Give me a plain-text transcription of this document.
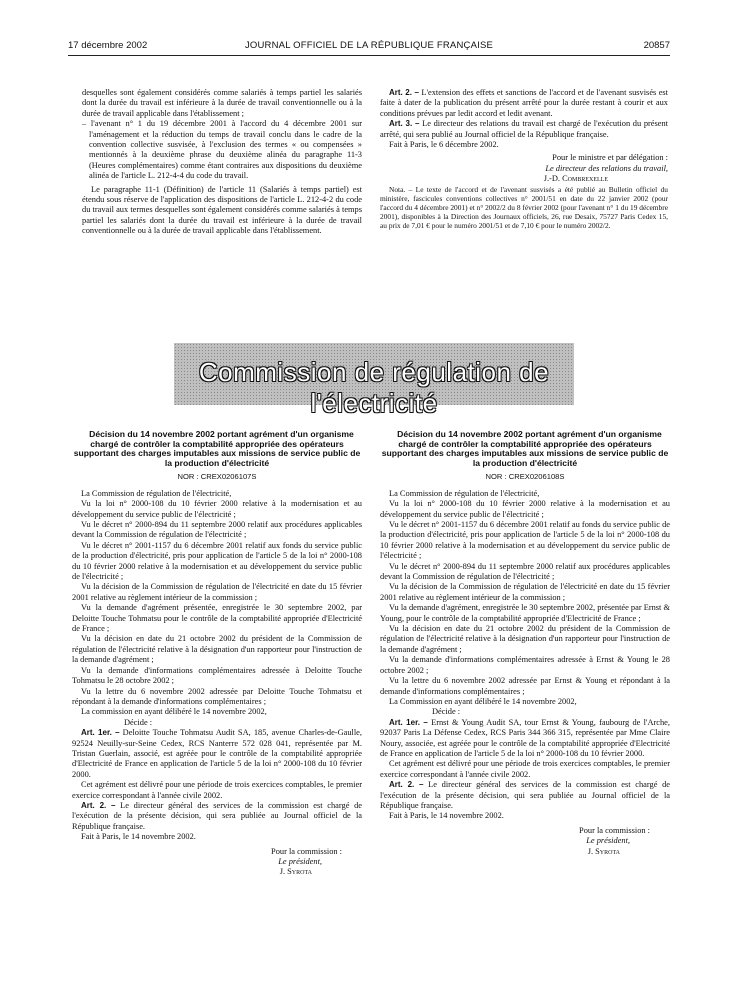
17 décembre 2002	JOURNAL OFFICIEL DE LA RÉPUBLIQUE FRANÇAISE	20857

desquelles sont également considérés comme salariés à temps partiel les salariés dont la durée du travail est inférieure à la durée de travail conventionnelle ou à la durée de travail applicable dans l'établissement ;

– l'avenant n° 1 du 19 décembre 2001 à l'accord du 4 décembre 2001 sur l'aménagement et la réduction du temps de travail conclu dans le cadre de la convention collective susvisée, à l'exclusion des termes « ou compensées » mentionnés à la deuxième phrase du deuxième alinéa du paragraphe 11-3 (Heures complémentaires) comme étant contraires aux dispositions du deuxième alinéa de l'article L. 212-4-4 du code du travail.

Le paragraphe 11-1 (Définition) de l'article 11 (Salariés à temps partiel) est étendu sous réserve de l'application des dispositions de l'article L. 212-4-2 du code du travail aux termes desquelles sont également considérés comme salariés à temps partiel les salariés dont la durée du travail est inférieure à la durée de travail conventionnelle ou à la durée de travail applicable dans l'établissement.

Art. 2. – L'extension des effets et sanctions de l'accord et de l'avenant susvisés est faite à dater de la publication du présent arrêté pour la durée restant à courir et aux conditions prévues par ledit accord et ledit avenant.

Art. 3. – Le directeur des relations du travail est chargé de l'exécution du présent arrêté, qui sera publié au Journal officiel de la République française.

Fait à Paris, le 6 décembre 2002.

Pour le ministre et par délégation :
Le directeur des relations du travail,
J.-D. Combrexelle

Nota. – Le texte de l'accord et de l'avenant susvisés a été publié au Bulletin officiel du ministère, fascicules conventions collectives n° 2001/51 en date du 22 janvier 2002 (pour l'accord du 4 décembre 2001) et n° 2002/2 du 8 février 2002 (pour l'avenant n° 1 du 19 décembre 2001), disponibles à la Direction des Journaux officiels, 26, rue Desaix, 75727 Paris Cedex 15, au prix de 7,01 € pour le numéro 2001/51 et de 7,10 € pour le numéro 2002/2.

Commission de régulation de l'électricité

Décision du 14 novembre 2002 portant agrément d'un organisme chargé de contrôler la comptabilité appropriée des opérateurs supportant des charges imputables aux missions de service public de la production d'électricité

NOR : CREX0206107S

La Commission de régulation de l'électricité,

Vu la loi n° 2000-108 du 10 février 2000 relative à la modernisation et au développement du service public de l'électricité ;

Vu le décret n° 2000-894 du 11 septembre 2000 relatif aux procédures applicables devant la Commission de régulation de l'électricité ;

Vu le décret n° 2001-1157 du 6 décembre 2001 relatif aux fonds du service public de la production d'électricité, pris pour application de l'article 5 de la loi n° 2000-108 du 10 février 2000 relative à la modernisation et au développement du service public de l'électricité ;

Vu la décision de la Commission de régulation de l'électricité en date du 15 février 2001 relative au règlement intérieur de la commission ;

Vu la demande d'agrément présentée, enregistrée le 30 septembre 2002, par Deloitte Touche Tohmatsu pour le contrôle de la comptabilité appropriée d'Electricité de France ;

Vu la décision en date du 21 octobre 2002 du président de la Commission de régulation de l'électricité relative à la désignation d'un rapporteur pour l'instruction de la demande d'agrément ;

Vu la demande d'informations complémentaires adressée à Deloitte Touche Tohmatsu le 28 octobre 2002 ;

Vu la lettre du 6 novembre 2002 adressée par Deloitte Touche Tohmatsu et répondant à la demande d'informations complémentaires ;

La commission en ayant délibéré le 14 novembre 2002,

Décide :

Art. 1er. – Deloitte Touche Tohmatsu Audit SA, 185, avenue Charles-de-Gaulle, 92524 Neuilly-sur-Seine Cedex, RCS Nanterre 572 028 041, représentée par M. Tristan Guerlain, associé, est agréée pour le contrôle de la comptabilité appropriée d'Electricité de France en application de l'article 5 de la loi n° 2000-108 du 10 février 2000.

Cet agrément est délivré pour une période de trois exercices comptables, le premier exercice correspondant à l'année civile 2002.

Art. 2. – Le directeur général des services de la commission est chargé de l'exécution de la présente décision, qui sera publiée au Journal officiel de la République française.

Fait à Paris, le 14 novembre 2002.

Pour la commission :
Le président,
J. Syrota

Décision du 14 novembre 2002 portant agrément d'un organisme chargé de contrôler la comptabilité appropriée des opérateurs supportant des charges imputables aux missions de service public de la production d'électricité

NOR : CREX0206108S

La Commission de régulation de l'électricité,

Vu la loi n° 2000-108 du 10 février 2000 relative à la modernisation et au développement du service public de l'électricité ;

Vu le décret n° 2001-1157 du 6 décembre 2001 relatif au fonds du service public de la production d'électricité, pris pour application de l'article 5 de la loi n° 2000-108 du 10 février 2000 relative à la modernisation et au développement du service public de l'électricité ;

Vu le décret n° 2000-894 du 11 septembre 2000 relatif aux procédures applicables devant la Commission de régulation de l'électricité ;

Vu la décision de la Commission de régulation de l'électricité en date du 15 février 2001 relative au règlement intérieur de la commission ;

Vu la demande d'agrément, enregistrée le 30 septembre 2002, présentée par Ernst & Young, pour le contrôle de la comptabilité appropriée d'Electricité de France ;

Vu la décision en date du 21 octobre 2002 du président de la Commission de régulation de l'électricité relative à la désignation d'un rapporteur pour l'instruction de la demande d'agrément ;

Vu la demande d'informations complémentaires adressée à Ernst & Young le 28 octobre 2002 ;

Vu la lettre du 6 novembre 2002 adressée par Ernst & Young et répondant à la demande d'informations complémentaires ;

La Commission en ayant délibéré le 14 novembre 2002,

Décide :

Art. 1er. – Ernst & Young Audit SA, tour Ernst & Young, faubourg de l'Arche, 92037 Paris La Défense Cedex, RCS Paris 344 366 315, représentée par Mme Claire Noury, associée, est agréée pour le contrôle de la comptabilité appropriée d'Electricité de France en application de l'article 5 de la loi n° 2000-108 du 10 février 2000.

Cet agrément est délivré pour une période de trois exercices comptables, le premier exercice correspondant à l'année civile 2002.

Art. 2. – Le directeur général des services de la commission est chargé de l'exécution de la présente décision, qui sera publiée au Journal officiel de la République française.

Fait à Paris, le 14 novembre 2002.

Pour la commission :
Le président,
J. Syrota
